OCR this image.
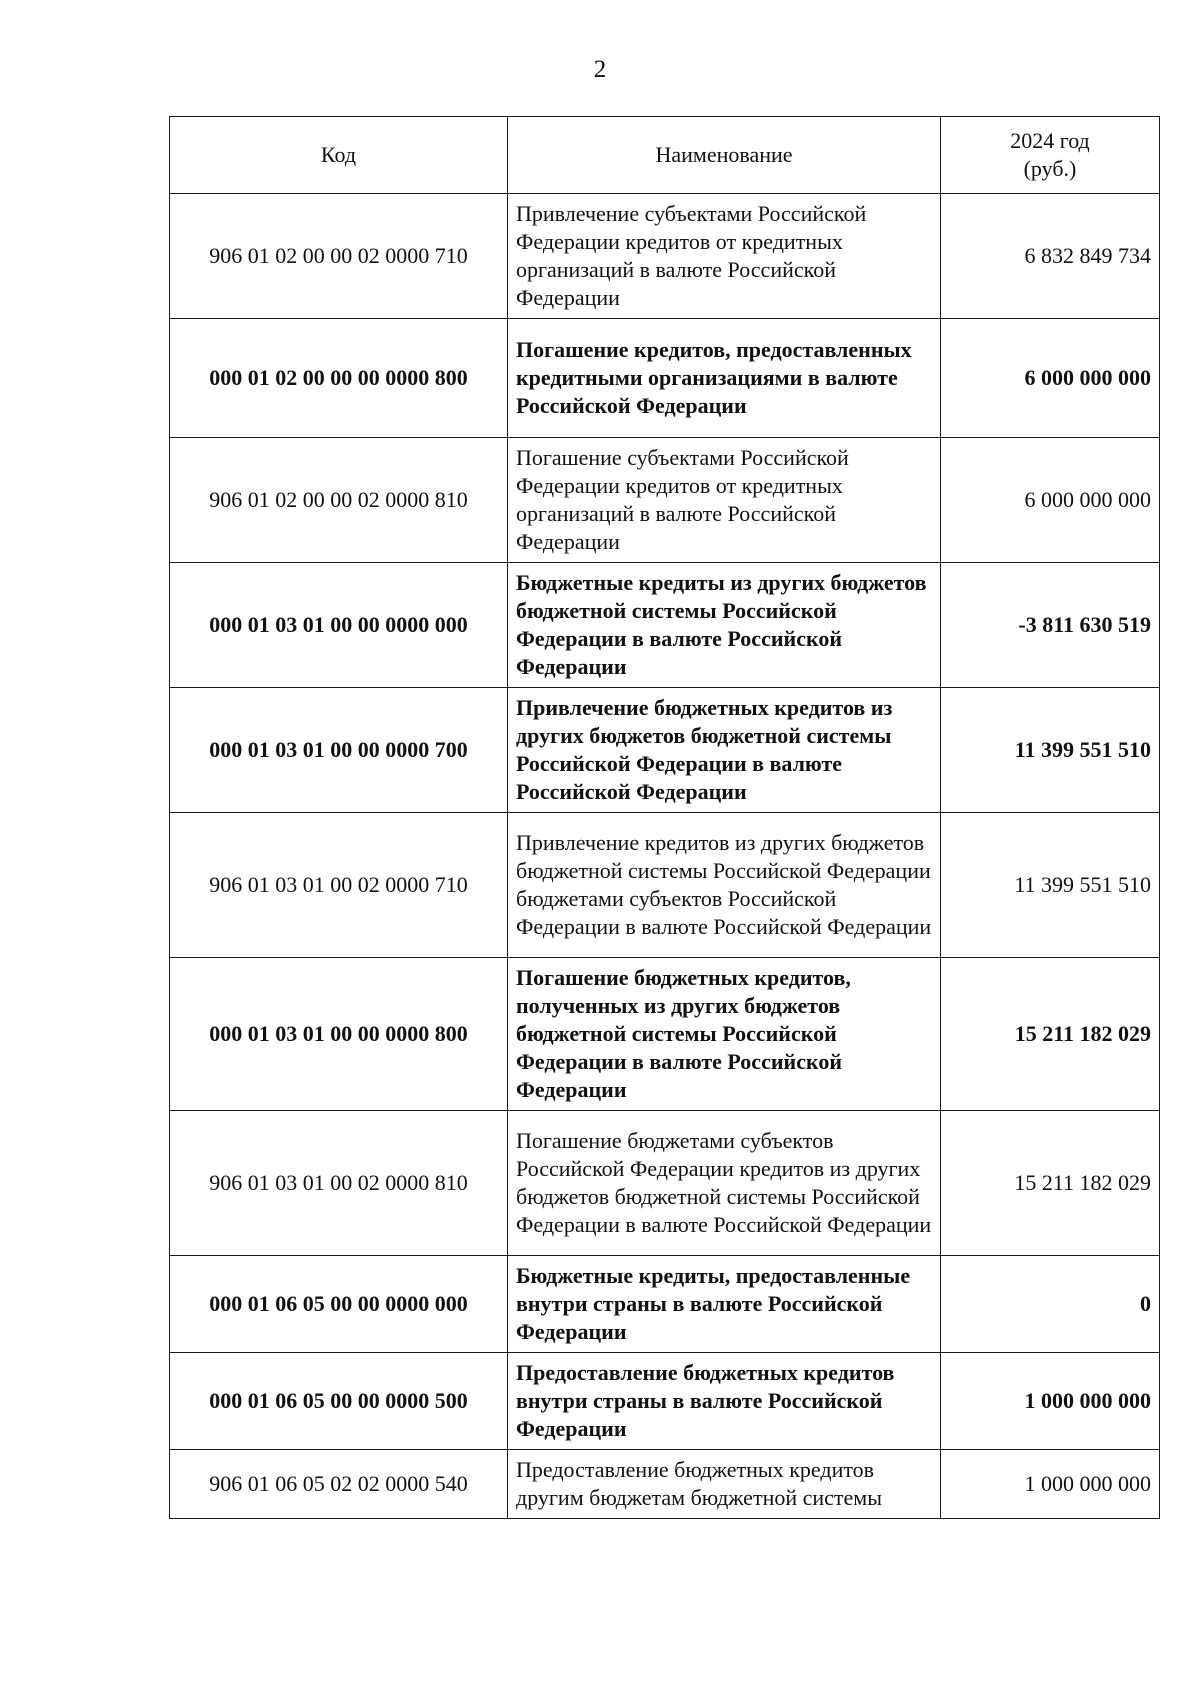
2
Код	Наименование	2024 год
(руб.)

906 01 02 00 00 02 0000 710	Привлечение субъектами Российской Федерации кредитов от кредитных организаций в валюте Российской Федерации	6 832 849 734
000 01 02 00 00 00 0000 800	Погашение кредитов, предоставленных кредитными организациями в валюте Российской Федерации	6 000 000 000
906 01 02 00 00 02 0000 810	Погашение субъектами Российской Федерации кредитов от кредитных организаций в валюте Российской Федерации	6 000 000 000
000 01 03 01 00 00 0000 000	Бюджетные кредиты из других бюджетов бюджетной системы Российской Федерации в валюте Российской Федерации	-3 811 630 519
000 01 03 01 00 00 0000 700	Привлечение бюджетных кредитов из других бюджетов бюджетной системы Российской Федерации в валюте Российской Федерации	11 399 551 510
906 01 03 01 00 02 0000 710	Привлечение кредитов из других бюджетов бюджетной системы Российской Федерации бюджетами субъектов Российской Федерации в валюте Российской Федерации	11 399 551 510
000 01 03 01 00 00 0000 800	Погашение бюджетных кредитов, полученных из других бюджетов бюджетной системы Российской Федерации в валюте Российской Федерации	15 211 182 029
906 01 03 01 00 02 0000 810	Погашение бюджетами субъектов Российской Федерации кредитов из других бюджетов бюджетной системы Российской Федерации в валюте Российской Федерации	15 211 182 029
000 01 06 05 00 00 0000 000	Бюджетные кредиты, предоставленные внутри страны в валюте Российской Федерации	0
000 01 06 05 00 00 0000 500	Предоставление бюджетных кредитов внутри страны в валюте Российской Федерации	1 000 000 000
906 01 06 05 02 02 0000 540	Предоставление бюджетных кредитов другим бюджетам бюджетной системы	1 000 000 000
